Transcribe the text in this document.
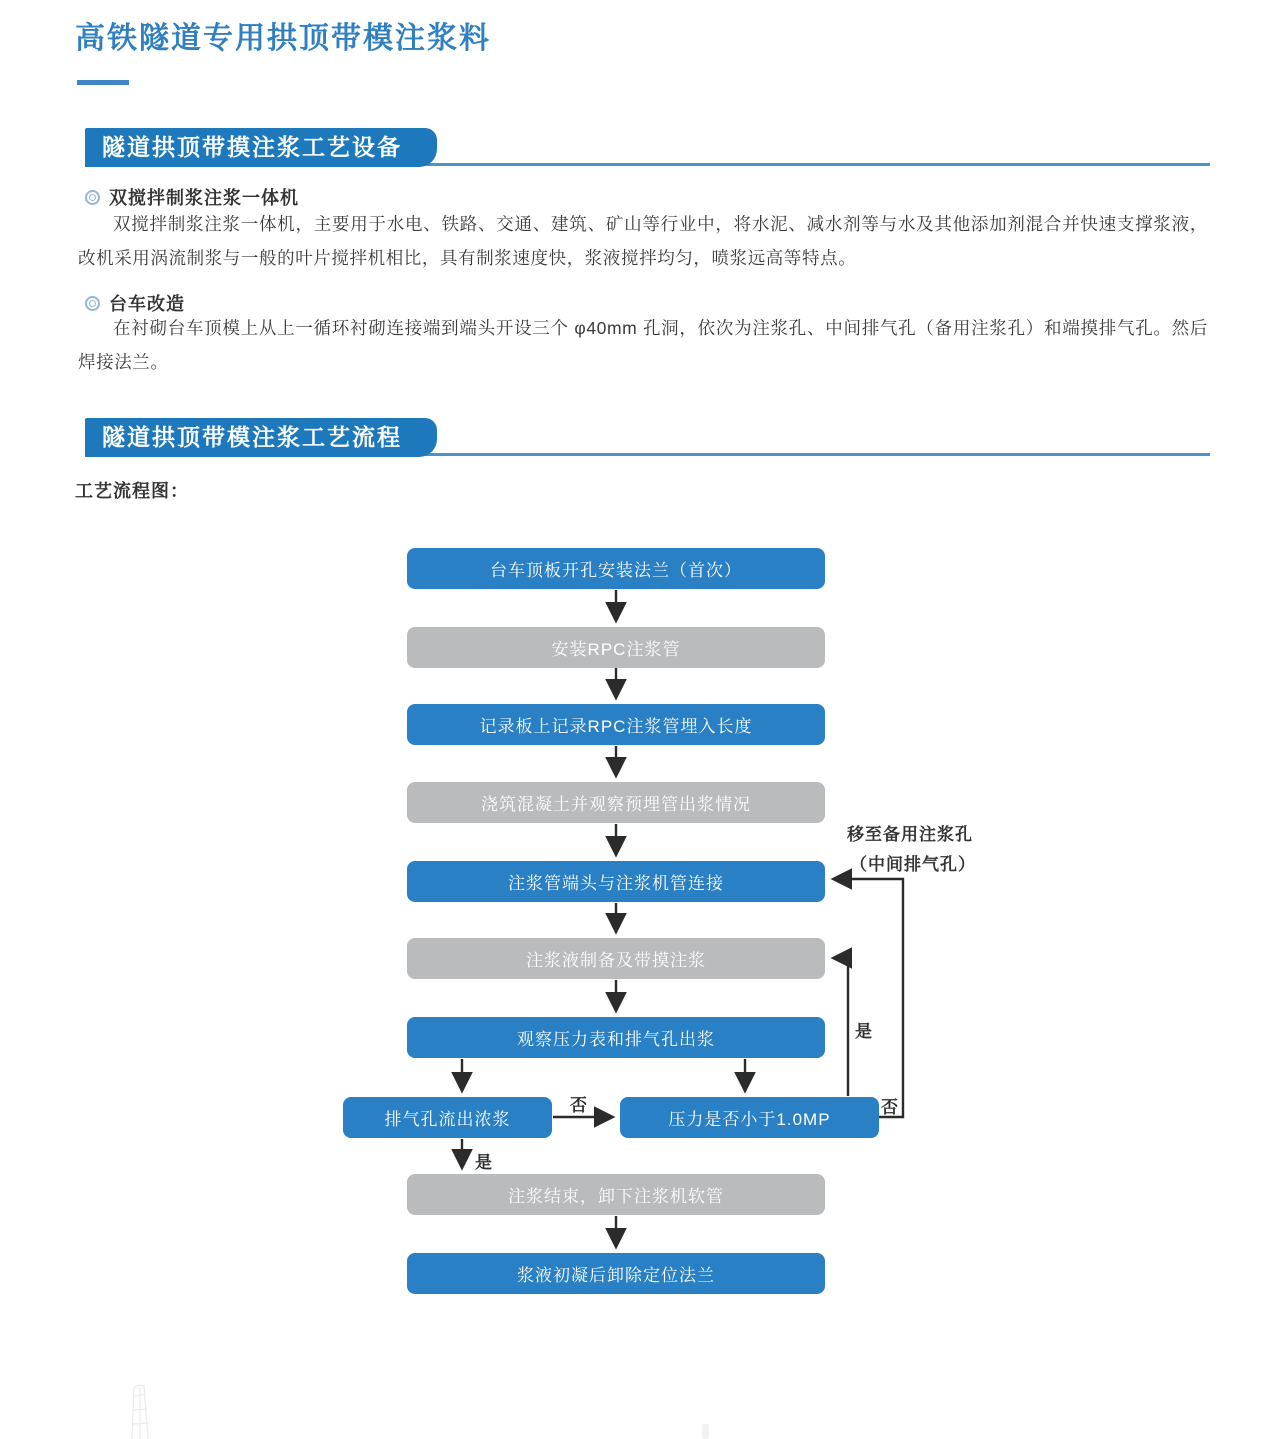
高铁隧道专用拱顶带模注浆料
隧道拱顶带摸注浆工艺设备
双搅拌制浆注浆一体机

双搅拌制浆注浆一体机，主要用于水电、铁路、交通、建筑、矿山等行业中，将水泥、减水剂等与水及其他添加剂混合并快速支撑浆液，改机采用涡流制浆与一般的叶片搅拌机相比，具有制浆速度快，浆液搅拌均匀，喷浆远高等特点。

台车改造

在衬砌台车顶模上从上一循环衬砌连接端到端头开设三个 φ40mm 孔洞，依次为注浆孔、中间排气孔（备用注浆孔）和端摸排气孔。然后焊接法兰。

隧道拱顶带模注浆工艺流程
工艺流程图：
台车顶板开孔安装法兰（首次）
安装RPC注浆管
记录板上记录RPC注浆管埋入长度
浇筑混凝土并观察预埋管出浆情况
注浆管端头与注浆机管连接
注浆液制备及带摸注浆
观察压力表和排气孔出浆
排气孔流出浓浆	压力是否小于1.0MP
注浆结束，卸下注浆机软管
浆液初凝后卸除定位法兰
否
是
是
否
移至备用注浆孔
（中间排气孔）
